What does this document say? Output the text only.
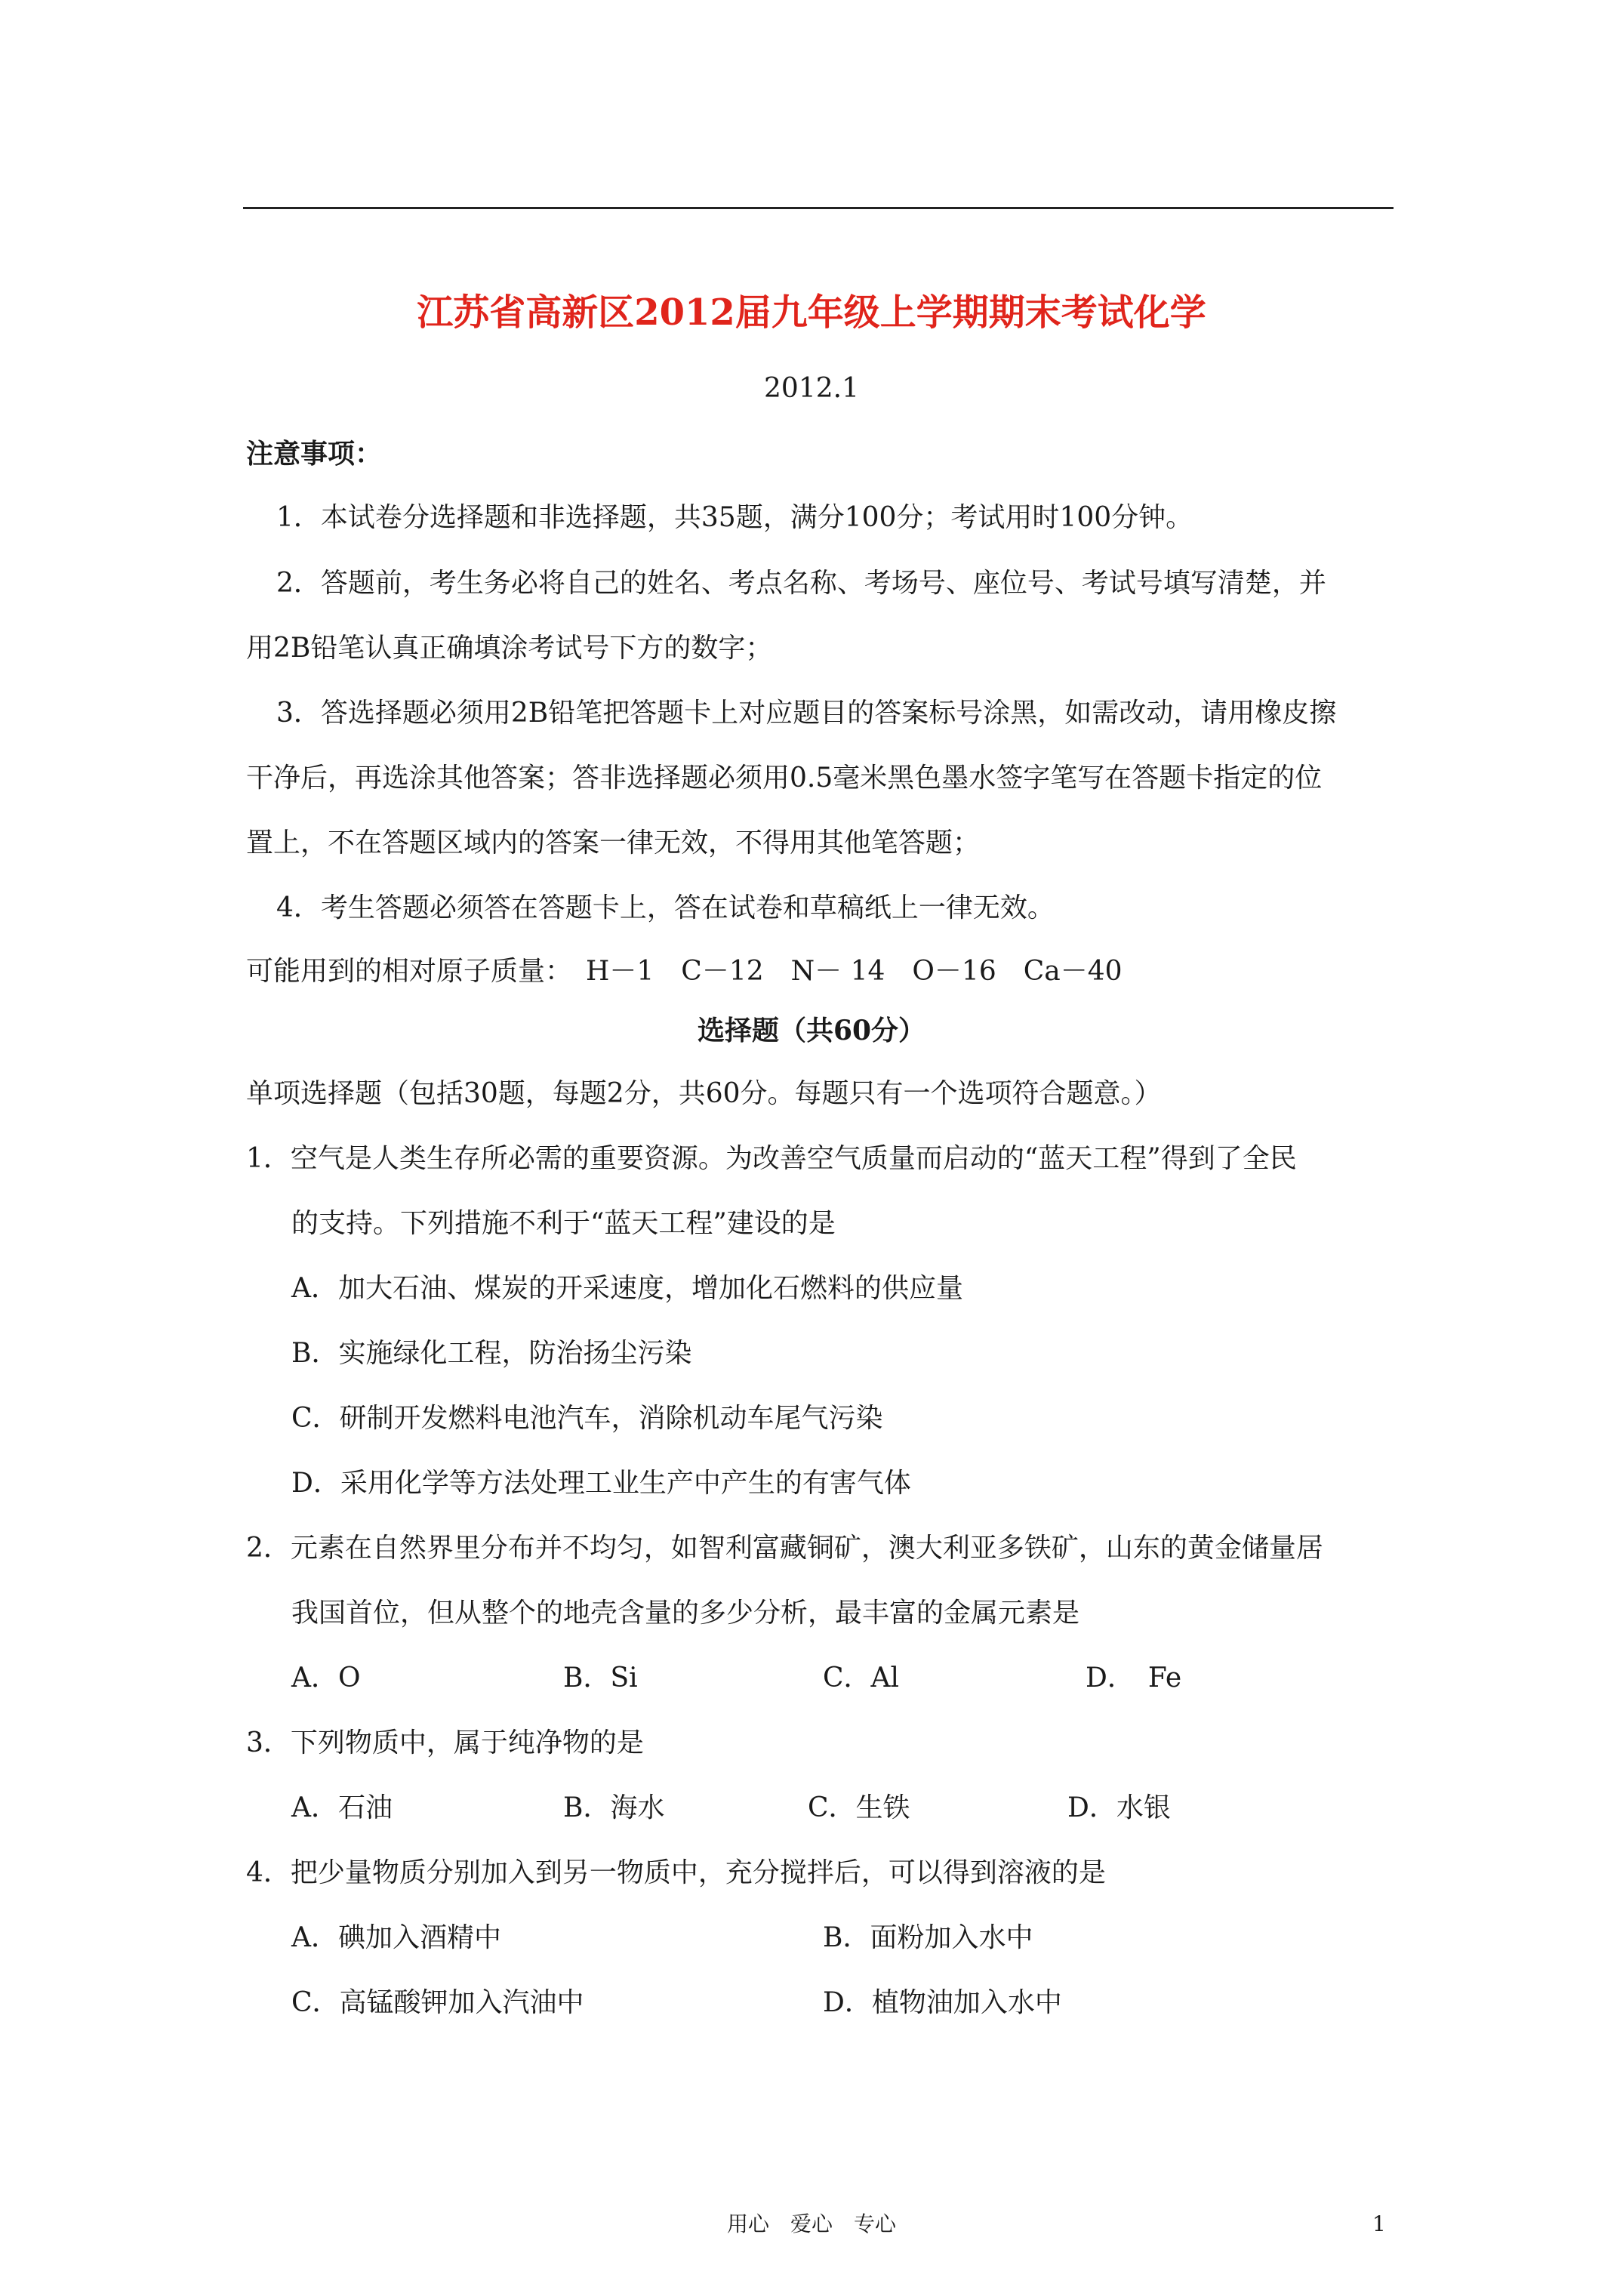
江苏省高新区2012届九年级上学期期末考试化学
2012.1
注意事项：
1．本试卷分选择题和非选择题，共35题，满分100分；考试用时100分钟。
2．答题前，考生务必将自己的姓名、考点名称、考场号、座位号、考试号填写清楚，并
用2B铅笔认真正确填涂考试号下方的数字；
3．答选择题必须用2B铅笔把答题卡上对应题目的答案标号涂黑，如需改动，请用橡皮擦
干净后，再选涂其他答案；答非选择题必须用0.5毫米黑色墨水签字笔写在答题卡指定的位
置上，不在答题区域内的答案一律无效，不得用其他笔答题；
4．考生答题必须答在答题卡上，答在试卷和草稿纸上一律无效。
可能用到的相对原子质量：　H－1　C－12　N－ 14　O－16　Ca－40
选择题（共60分）
单项选择题（包括30题，每题2分，共60分。每题只有一个选项符合题意。）
1．空气是人类生存所必需的重要资源。为改善空气质量而启动的“蓝天工程”得到了全民
的支持。下列措施不利于“蓝天工程”建设的是
A．加大石油、煤炭的开采速度，增加化石燃料的供应量
B．实施绿化工程，防治扬尘污染
C．研制开发燃料电池汽车，消除机动车尾气污染
D．采用化学等方法处理工业生产中产生的有害气体
2．元素在自然界里分布并不均匀，如智利富藏铜矿，澳大利亚多铁矿，山东的黄金储量居
我国首位，但从整个的地壳含量的多少分析，最丰富的金属元素是
A．O	B．Si	C．Al	D．　Fe
3．下列物质中，属于纯净物的是
A．石油	B．海水	C．生铁	D．水银
4．把少量物质分别加入到另一物质中，充分搅拌后，可以得到溶液的是
A．碘加入酒精中	B．面粉加入水中
C．高锰酸钾加入汽油中	D．植物油加入水中
用心　爱心　专心	1
